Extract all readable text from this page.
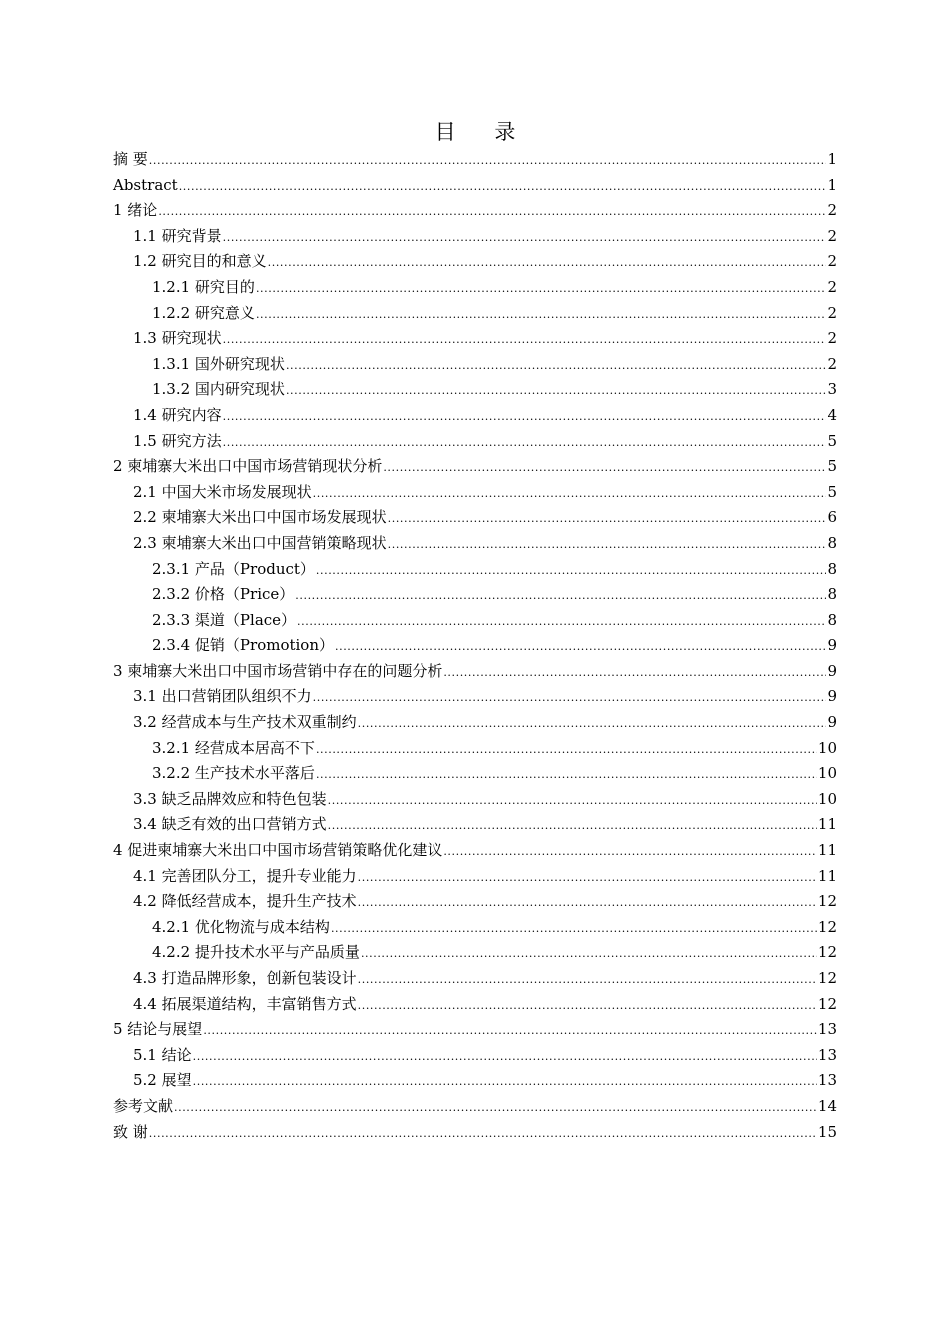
目 录
摘 要 .....	1
Abstract .....	1
1 绪论 .....	2
1.1 研究背景 .....	2
1.2 研究目的和意义 .....	2
1.2.1 研究目的 .....	2
1.2.2 研究意义 .....	2
1.3 研究现状 .....	2
1.3.1 国外研究现状 .....	2
1.3.2 国内研究现状 .....	3
1.4 研究内容 .....	4
1.5 研究方法 .....	5
2 柬埔寨大米出口中国市场营销现状分析 .....	5
2.1 中国大米市场发展现状 .....	5
2.2 柬埔寨大米出口中国市场发展现状 .....	6
2.3 柬埔寨大米出口中国营销策略现状 .....	8
2.3.1 产品（Product） .....	8
2.3.2 价格（Price） .....	8
2.3.3 渠道（Place） .....	8
2.3.4 促销（Promotion） .....	9
3 柬埔寨大米出口中国市场营销中存在的问题分析 .....	9
3.1 出口营销团队组织不力 .....	9
3.2 经营成本与生产技术双重制约 .....	9
3.2.1 经营成本居高不下 .....	10
3.2.2 生产技术水平落后 .....	10
3.3 缺乏品牌效应和特色包装 .....	10
3.4 缺乏有效的出口营销方式 .....	11
4 促进柬埔寨大米出口中国市场营销策略优化建议 .....	11
4.1 完善团队分工，提升专业能力 .....	11
4.2 降低经营成本，提升生产技术 .....	12
4.2.1 优化物流与成本结构 .....	12
4.2.2 提升技术水平与产品质量 .....	12
4.3 打造品牌形象，创新包装设计 .....	12
4.4 拓展渠道结构，丰富销售方式 .....	12
5 结论与展望 .....	13
5.1 结论 .....	13
5.2 展望 .....	13
参考文献 .....	14
致 谢 .....	15
